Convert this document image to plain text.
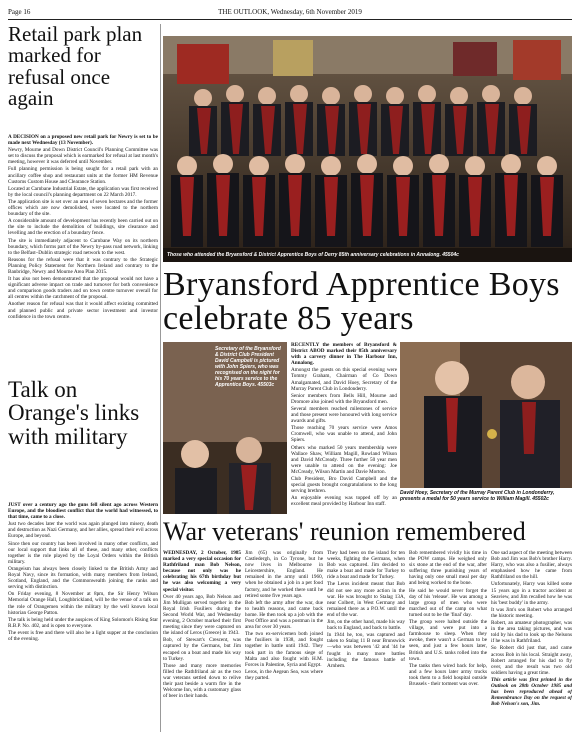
Page 16	THE OUTLOOK, Wednesday, 6th November 2019
Retail park plan marked for refusal once again

A DECISION on a proposed new retail park for Newry is set to be made next Wednesday (13 November).

Newry, Mourne and Down District Council's Planning Committee was set to discuss the proposal which is earmarked for refusal at last month's meeting, however it was deferred until November.

Full planning permission is being sought for a retail park with an ancillary coffee shop and restaurant units at the former HM Revenue Customs Custom House and Clearance Station.

Located at Carnbane Industrial Estate, the application was first received by the local council's planning department on 22 March 2017.

The application site is set over an area of seven hectares and the former offices which are now demolished, were located to the northern boundary of the site.

A considerable amount of development has recently been carried out on the site to include the demolition of buildings, site clearance and levelling and the erection of a boundary fence.

The site is immediately adjacent to Carnbane Way on its northern boundary, which forms part of the Newry by-pass road network, linking to the Belfast–Dublin strategic road network to the west.

Reasons for the refusal were that it was contrary to the Strategic Planning Policy Statement for Northern Ireland and contrary to the Banbridge, Newry and Mourne Area Plan 2015.

It has also not been demonstrated that the proposal would not have a significant adverse impact on trade and turnover for both convenience and comparison goods traders and on town centre turnover overall for all centres within the catchment of the proposal.

Another reason for refusal was that it would affect existing committed and planned public and private sector investment and investor confidence in the town centre.

Those who attended the Bryansford & District Apprentice Boys of Derry 85th anniversary celebrations in Annalong. 45504c
Bryansford Apprentice Boys celebrate 85 years
Secretary of the Bryansford & District Club President David Campbell is pictured with John Spiers, who was recognised on the night for his 70 years service to the Apprentice Boys. 45503c

RECENTLY the members of Bryansford & District ABOD marked their 85th anniversary with a carvery dinner in The Harbour Inn, Annalong.

Amongst the guests on this special evening were Tommy Graham, Chairman of Co Down Amalgamated, and David Hoey, Secretary of the Murray Parent Club in Londonderry.

Senior members from Bells Hill, Mourne and Dromore also joined with the Bryansford men.

Several members reached milestones of service and those present were honoured with long service awards and gifts.

Those reaching 70 years service were Amos Cromwell, who was unable to attend, and John Spiers.

Others who marked 50 years membership were Wallace Shaw, William Magill, Rowland Wilson and David McCready. Three further 50 year men were unable to attend on the evening: Joe McCready, Wilson Martin and Davie Morton.

Club President, Bro David Campbell and the special guests brought congratulations to the long serving brethren.

An enjoyable evening was topped off by an excellent meal provided by Harbour Inn staff.

David Hoey, Secretary of the Murray Parent Club in Londonderry, presents a medal for 50 years service to William Magill. 45502c
Talk on Orange's links with military

JUST over a century ago the guns fell silent ago across Western Europe, and the bloodiest conflict that the world had witnessed, to that time, came to a close.

Just two decades later the world was again plunged into misery, death and destruction as Nazi Germany, and her allies, spread their evil across Europe, and beyond.

Since then our country has been involved in many other conflicts, and our local support that links all of these, and many other, conflicts together is the role played by the Loyal Orders within the British military.

Orangeism has always been closely linked to the British Army and Royal Navy, since its formation, with many members from Ireland, Scotland, England, and the Commonwealth joining the ranks and serving with distinction.

On Friday evening, 8 November at 8pm, the Sir Henry Wilson Memorial Orange Hall, Loughbrickland, will be the venue of a talk on the role of Orangemen within the military by the well known local historian George Patton.

The talk is being held under the auspices of King Solomon's Rising Star R.B.P. No. 402, and is open to everyone.

The event is free and there will also be a light supper at the conclusion of the evening.

War veterans' reunion remembered

WEDNESDAY, 2 October, 1985 marked a very special occasion for Rathfriland man Bob Nelson, because not only was he celebrating his 67th birthday but he was also welcoming a very special visitor.

Over 40 years ago, Bob Nelson and Jim Mulligan served together in the Royal Irish Fusiliers during the Second World War, and Wednesday evening, 2 October marked their first meeting since they were captured on the island of Leros (Greece) in 1943.

Bob, of Stewart's Crescent, was captured by the Germans, but Jim escaped on a boat and made his way to Turkey.

Those and many more memories filled the Rathfriland air as the two war veterans settled down to relive their past beside a warm fire in the Welcome Inn, with a customary glass of beer in their hands.

Jim (65) was originally from Castledergh, in Co Tyrone, but he now lives in Melbourne in Leicestershire, England. He remained in the army until 1960, when he obtained a job in a pet food factory, and he worked there until he retired some five years ago.

Bob left the army after the war, due to health reasons, and came back home. He then took up a job with the Post Office and was a postman in the area for over 30 years.

The two ex-servicemen both joined the fusiliers in 1938, and fought together in battle until 1942. They took part in the famous siege of Malta and also fought with H.M. Forces in Palestine, Syria and Egypt.

Leros, in the Aegean Sea, was where they parted.

They had been on the island for ten weeks, fighting the Germans, when Bob was captured. Jim decided to make a boat and made for Turkey to ride a boat and made for Turkey.

The Leros incident meant that Bob did not see any more action in the war. He was brought to Stalag 13A, near Colbert, in West Germany and remained there as a P.O.W. until the end of the war.

Jim, on the other hand, made his way back to England, and back to battle.

In 1944 he, too, was captured and taken to Stalag 11 B near Brunswick—who was between '42 and '44 he fought in many more battles including the famous battle of Arnhem.

Bob remembered vividly his time in the POW camps. He weighed only six stone at the end of the war, after suffering three punishing years of having only one small meal per day and being worked to the bone.

He said he would never forget the day of his 'release'. He was among a large group of men who were marched out of the camp on what turned out to be the 'final' day.

The group were halted outside the village, and were put into a farmhouse to sleep. When they awoke, there wasn't a German to be seen, and just a few hours later, British and U.S. tanks rolled into the town.

The tanks then wired back for help, and a few hours later army trucks took them to a field hospital outside Brussels - their torment was over.

One sad aspect of the meeting between Bob and Jim was Bob's brother Harry. Harry, who was also a fusilier, always emphasised how he came from Rathfriland on the hill.

Unfortunately, Harry was killed some 15 years ago in a tractor accident at Seaview, and Jim recalled how he was his 'best buddy' in the army.

It was Jim's son Robert who arranged the historic meeting.

Robert, an amateur photographer, was in the area taking pictures, and was told by his dad to look up the Nelsons if he was in Rathfriland.

So Robert did just that, and came across Bob in his local. Straight away, Robert arranged for his dad to fly over, and the result was two old soldiers having a great time.

This article was first printed in the Outlook on 28th October 1985 and has been reproduced ahead of Remembrance Day on the request of Bob Nelson's son, Jim.
